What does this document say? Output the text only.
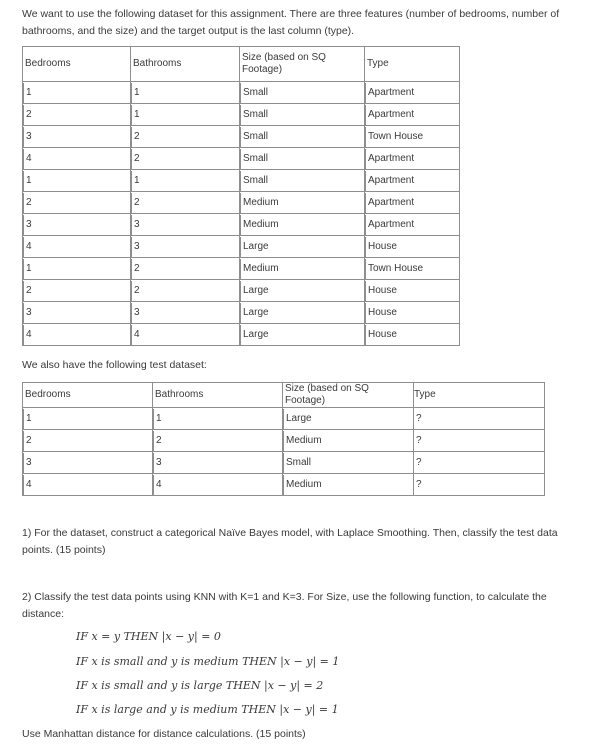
We want to use the following dataset for this assignment. There are three features (number of bedrooms, number of
bathrooms, and the size) and the target output is the last column (type).
Bedrooms	Bathrooms	Size (based on SQ
Footage)	Type

1	1	Small	Apartment

2	1	Small	Apartment

3	2	Small	Town House

4	2	Small	Apartment

1	1	Small	Apartment

2	2	Medium	Apartment

3	3	Medium	Apartment

4	3	Large	House

1	2	Medium	Town House

2	2	Large	House

3	3	Large	House

4	4	Large	House
We also have the following test dataset:
Bedrooms	Bathrooms	Size (based on SQ Footage)	Type

1	1	Large	?

2	2	Medium	?

3	3	Small	?

4	4	Medium	?
1) For the dataset, construct a categorical Naïve Bayes model, with Laplace Smoothing. Then, classify the test data
points. (15 points)
2) Classify the test data points using KNN with K=1 and K=3. For Size, use the following function, to calculate the
distance:
IF x = y THEN |x − y| = 0
IF x is small and y is medium THEN |x − y| = 1
IF x is small and y is large THEN |x − y| = 2
IF x is large and y is medium THEN |x − y| = 1
Use Manhattan distance for distance calculations. (15 points)
